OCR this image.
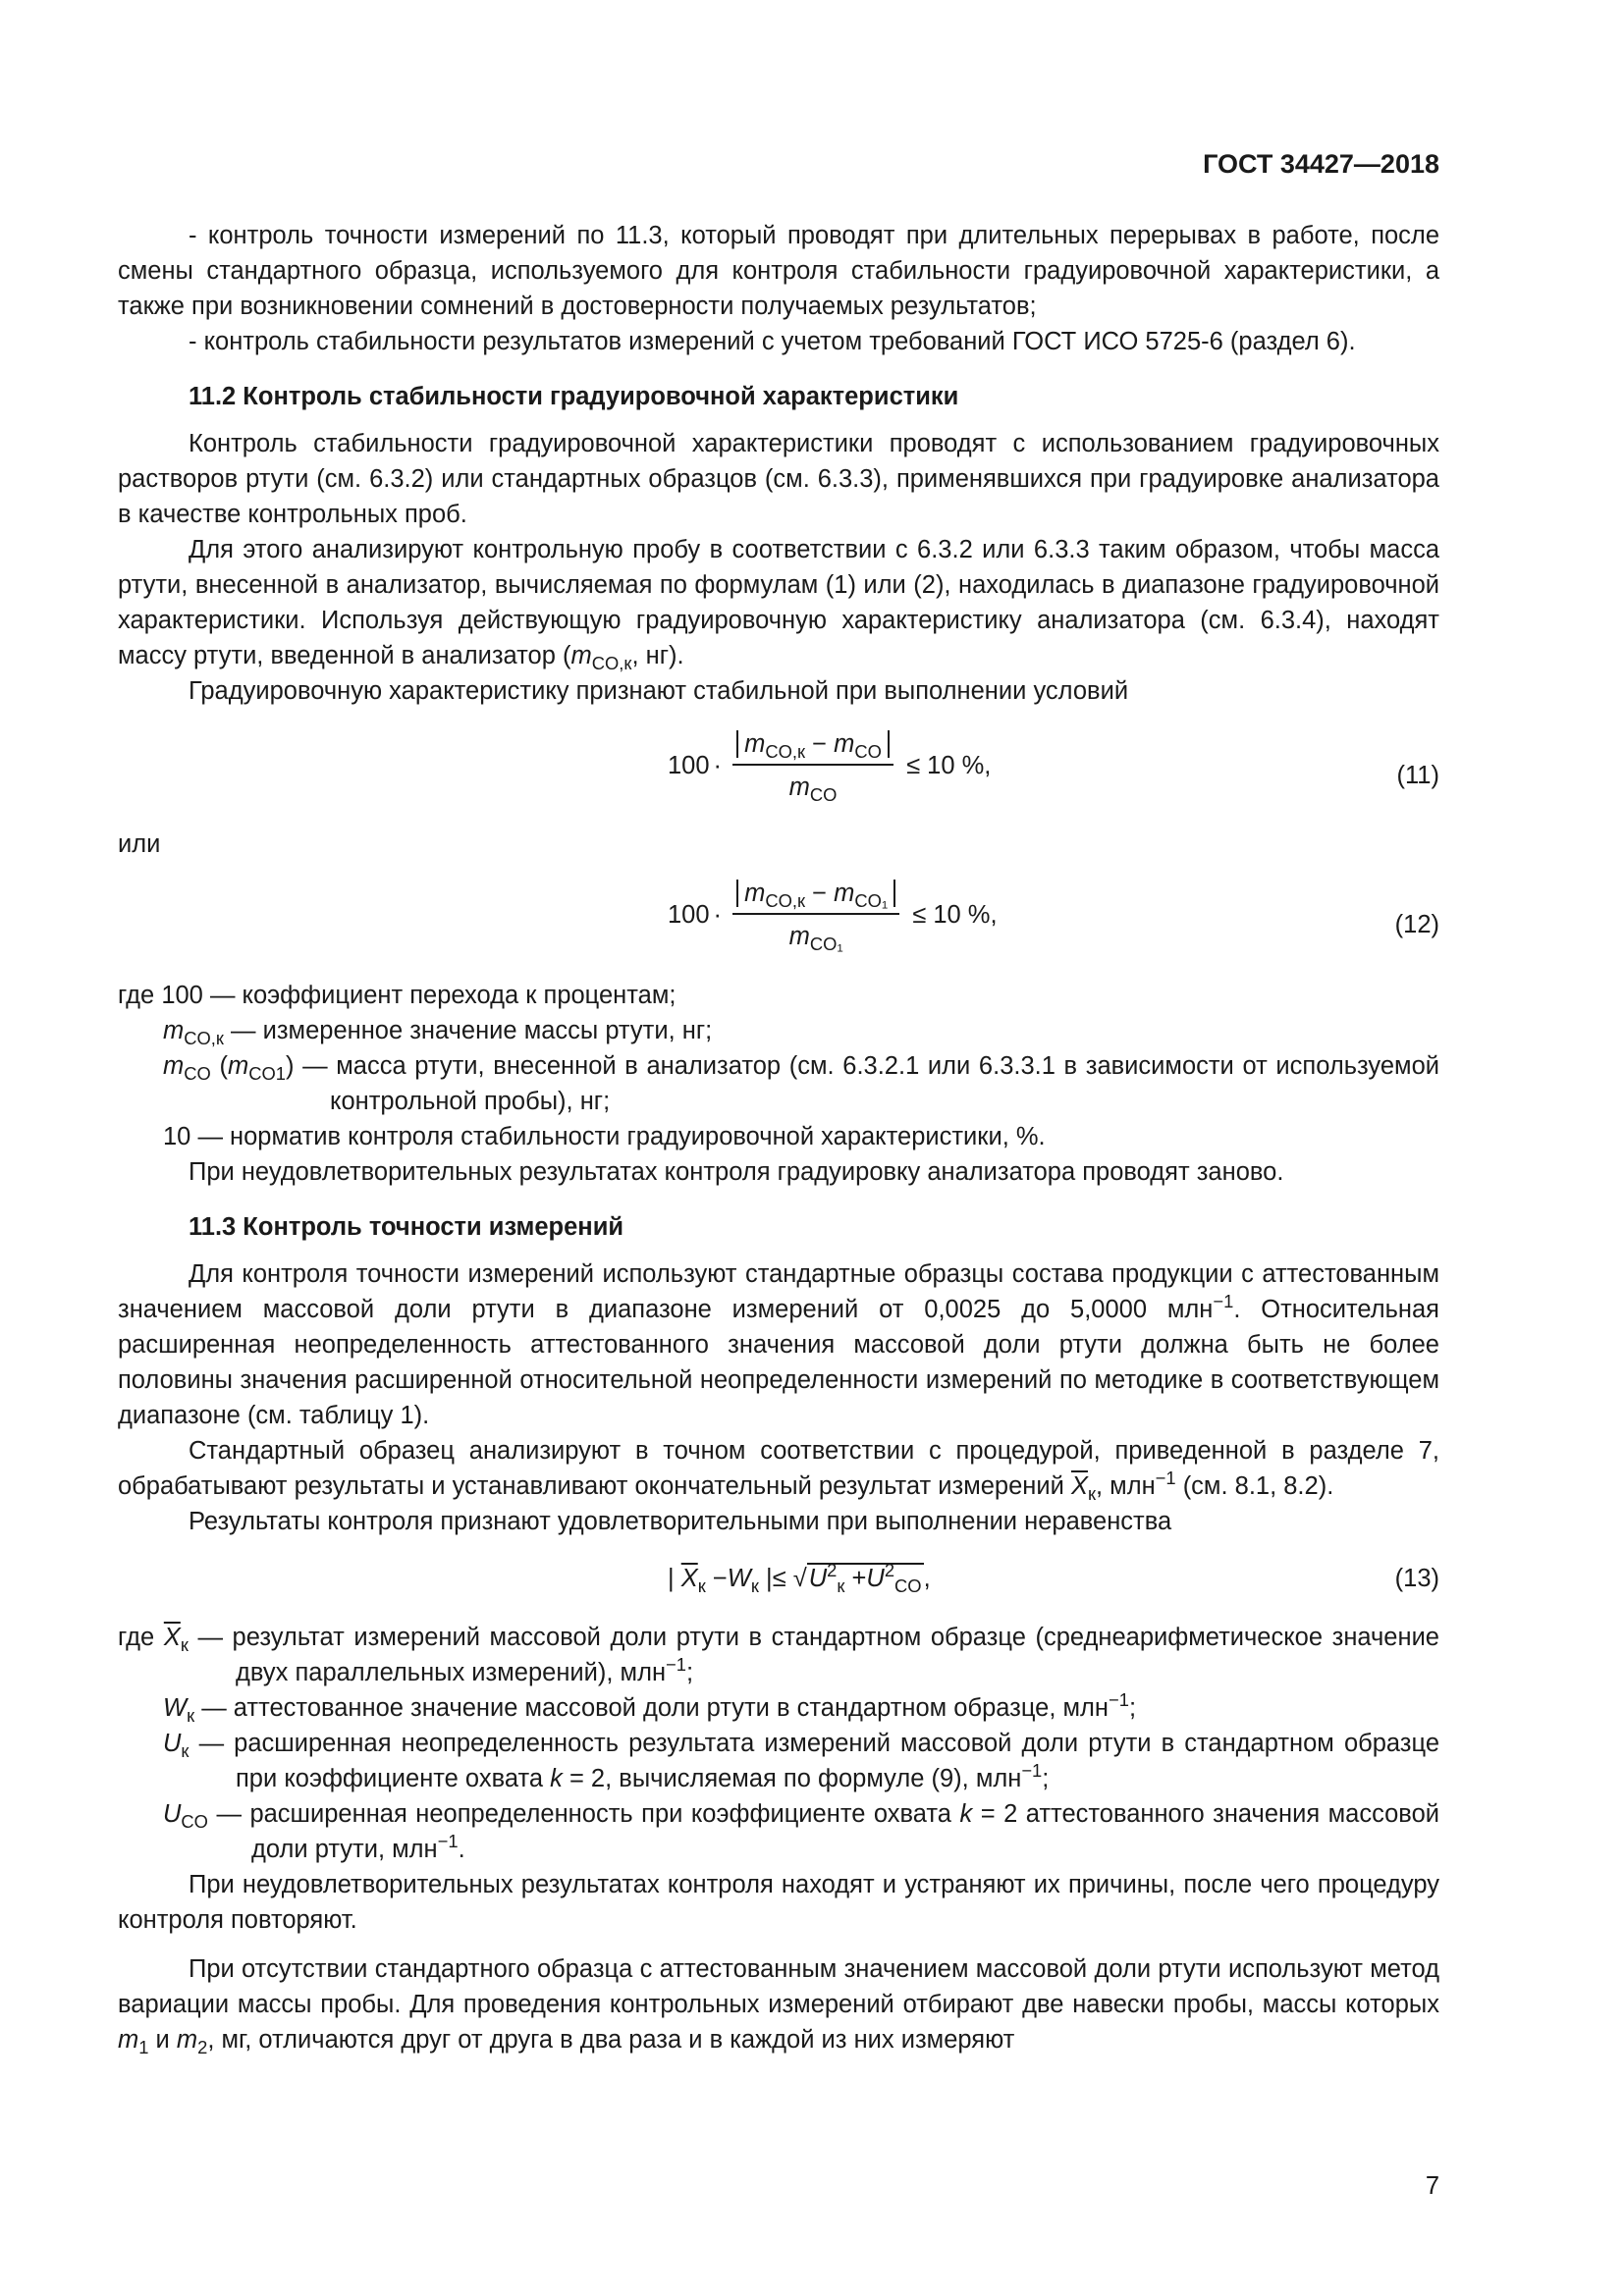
ГОСТ 34427—2018

- контроль точности измерений по 11.3, который проводят при длительных перерывах в работе, после смены стандартного образца, используемого для контроля стабильности градуировочной характеристики, а также при возникновении сомнений в достоверности получаемых результатов;

- контроль стабильности результатов измерений с учетом требований ГОСТ ИСО 5725-6 (раздел 6).

11.2 Контроль стабильности градуировочной характеристики

Контроль стабильности градуировочной характеристики проводят с использованием градуировочных растворов ртути (см. 6.3.2) или стандартных образцов (см. 6.3.3), применявшихся при градуировке анализатора в качестве контрольных проб.

Для этого анализируют контрольную пробу в соответствии с 6.3.2 или 6.3.3 таким образом, чтобы масса ртути, внесенной в анализатор, вычисляемая по формулам (1) или (2), находилась в диапазоне градуировочной характеристики. Используя действующую градуировочную характеристику анализатора (см. 6.3.4), находят массу ртути, введенной в анализатор ($m_{CO,к}$, нг).

Градуировочную характеристику признают стабильной при выполнении условий

$100 \cdot \frac{m_{CO,к} - m_{CO}}{m_{CO}} \le 10$ %,	(11)

или

$100 \cdot \frac{m_{CO,к} - m_{CO_1}}{m_{CO_1}} \le 10$ %,	(12)

где 100 — коэффициент перехода к процентам;

$m_{CO,к}$ — измеренное значение массы ртути, нг;

$m_{CO}$ $(m_{CO1})$ — масса ртути, внесенной в анализатор (см. 6.3.2.1 или 6.3.3.1 в зависимости от используемой контрольной пробы), нг;

10 — норматив контроля стабильности градуировочной характеристики, %.

При неудовлетворительных результатах контроля градуировку анализатора проводят заново.

11.3 Контроль точности измерений

Для контроля точности измерений используют стандартные образцы состава продукции с аттестованным значением массовой доли ртути в диапазоне измерений от 0,0025 до 5,0000 млн$^{-1}$. Относительная расширенная неопределенность аттестованного значения массовой доли ртути должна быть не более половины значения расширенной относительной неопределенности измерений по методике в соответствующем диапазоне (см. таблицу 1).

Стандартный образец анализируют в точном соответствии с процедурой, приведенной в разделе 7, обрабатывают результаты и устанавливают окончательный результат измерений $\overline{X}_к$, млн$^{-1}$ (см. 8.1, 8.2).

Результаты контроля признают удовлетворительными при выполнении неравенства

| $\overline{X}_к -W_к$ |≤ $√U^2_к +U^2_{CO}$,	(13)

где $\overline{X}_к$ — результат измерений массовой доли ртути в стандартном образце (среднеарифметическое значение двух параллельных измерений), млн$^{-1}$;

$W_к$ — аттестованное значение массовой доли ртути в стандартном образце, млн$^{-1}$;

$U_к$ — расширенная неопределенность результата измерений массовой доли ртути в стандартном образце при коэффициенте охвата k = 2, вычисляемая по формуле (9), млн$^{-1}$;

$U_{CO}$ — расширенная неопределенность при коэффициенте охвата k = 2 аттестованного значения массовой доли ртути, млн$^{-1}$.

При неудовлетворительных результатах контроля находят и устраняют их причины, после чего процедуру контроля повторяют.

При отсутствии стандартного образца с аттестованным значением массовой доли ртути используют метод вариации массы пробы. Для проведения контрольных измерений отбирают две навески пробы, массы которых $m_1$ и $m_2$, мг, отличаются друг от друга в два раза и в каждой из них измеряют

7
